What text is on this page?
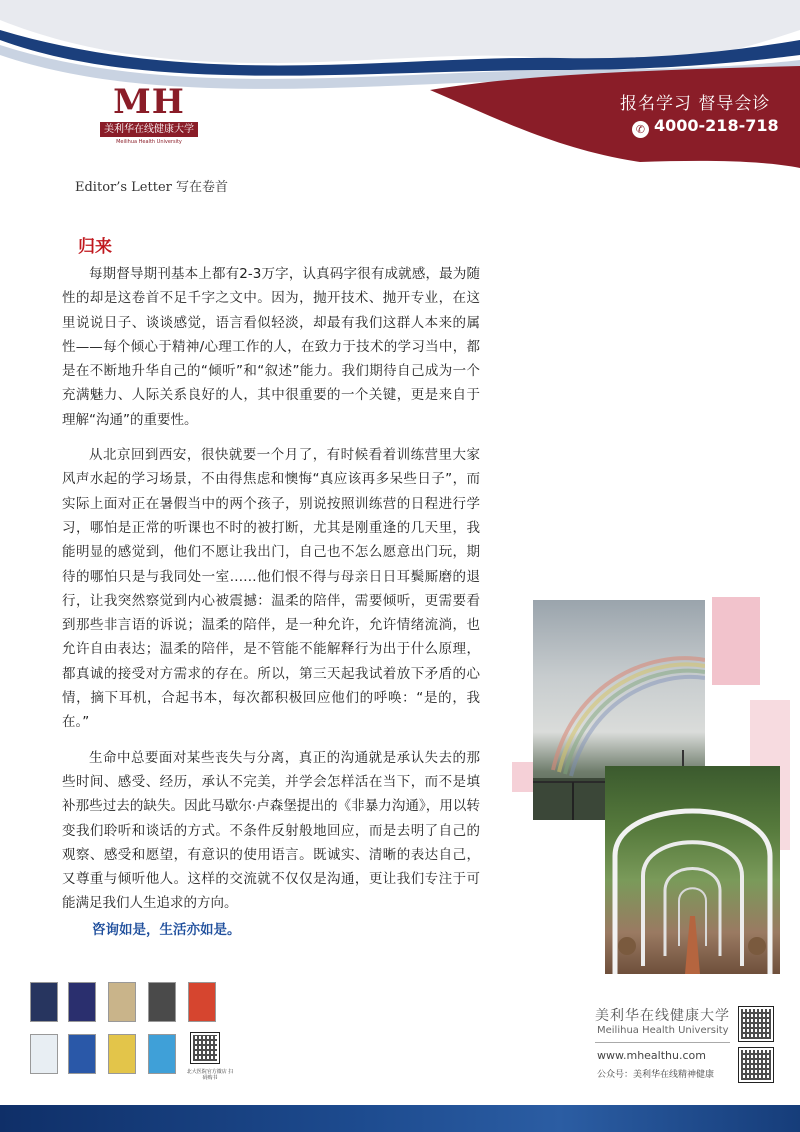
MH
美利华在线健康大学
Meilihua Health University
报名学习 督导会诊
✆ 4000-218-718
Editor’s Letter 写在卷首
归来

每期督导期刊基本上都有2-3万字，认真码字很有成就感，最为随性的却是这卷首不足千字之文中。因为，抛开技术、抛开专业，在这里说说日子、谈谈感觉，语言看似轻淡，却最有我们这群人本来的属性——每个倾心于精神/心理工作的人，在致力于技术的学习当中，都是在不断地升华自己的“倾听”和“叙述”能力。我们期待自己成为一个充满魅力、人际关系良好的人，其中很重要的一个关键，更是来自于理解“沟通”的重要性。

从北京回到西安，很快就要一个月了，有时候看着训练营里大家风声水起的学习场景，不由得焦虑和懊悔“真应该再多呆些日子”，而实际上面对正在暑假当中的两个孩子，别说按照训练营的日程进行学习，哪怕是正常的听课也不时的被打断，尤其是刚重逢的几天里，我能明显的感觉到，他们不愿让我出门，自己也不怎么愿意出门玩，期待的哪怕只是与我同处一室……他们恨不得与母亲日日耳鬓厮磨的退行，让我突然察觉到内心被震撼：温柔的陪伴，需要倾听，更需要看到那些非言语的诉说；温柔的陪伴，是一种允许，允许情绪流淌，也允许自由表达；温柔的陪伴，是不管能不能解释行为出于什么原理，都真诚的接受对方需求的存在。所以，第三天起我试着放下矛盾的心情，摘下耳机，合起书本，每次都积极回应他们的呼唤：“是的，我在。”

生命中总要面对某些丧失与分离，真正的沟通就是承认失去的那些时间、感受、经历，承认不完美，并学会怎样活在当下，而不是填补那些过去的缺失。因此马歇尔·卢森堡提出的《非暴力沟通》，用以转变我们聆听和谈话的方式。不条件反射般地回应，而是去明了自己的观察、感受和愿望，有意识的使用语言。既诚实、清晰的表达自己，又尊重与倾听他人。这样的交流就不仅仅是沟通，更让我们专注于可能满足我们人生追求的方向。

咨询如是，生活亦如是。
北大医院官方微店 扫码购书
美利华在线健康大学
Meilihua Health University
www.mhealthu.com
公众号：美利华在线精神健康
